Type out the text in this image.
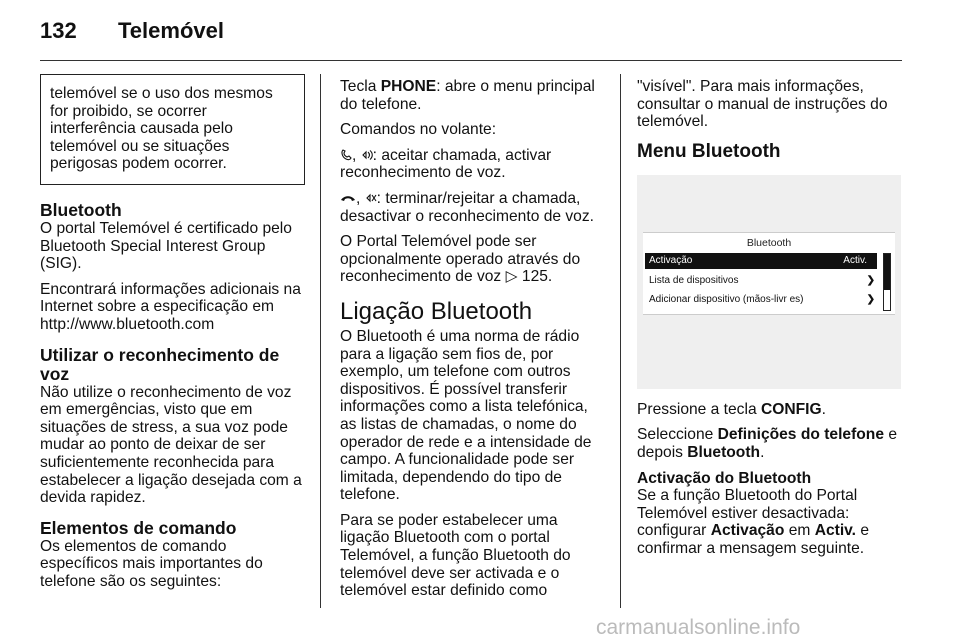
132 Telemóvel
telemóvel se o uso dos mesmos for proibido, se ocorrer interferência causada pelo telemóvel ou se situações perigosas podem ocorrer.
Bluetooth

O portal Telemóvel é certificado pelo Bluetooth Special Interest Group (SIG).

Encontrará informações adicionais na Internet sobre a especificação em http://www.bluetooth.com

Utilizar o reconhecimento de voz

Não utilize o reconhecimento de voz em emergências, visto que em situações de stress, a sua voz pode mudar ao ponto de deixar de ser suficientemente reconhecida para estabelecer a ligação desejada com a devida rapidez.

Elementos de comando

Os elementos de comando específicos mais importantes do telefone são os seguintes:

Tecla PHONE: abre o menu principal do telefone.

Comandos no volante:

, : aceitar chamada, activar reconhecimento de voz.

, : terminar/rejeitar a chamada, desactivar o reconhecimento de voz.

O Portal Telemóvel pode ser opcionalmente operado através do reconhecimento de voz ▷ 125.

Ligação Bluetooth

O Bluetooth é uma norma de rádio para a ligação sem fios de, por exemplo, um telefone com outros dispositivos. É possível transferir informações como a lista telefónica, as listas de chamadas, o nome do operador de rede e a intensidade de campo. A funcionalidade pode ser limitada, dependendo do tipo de telefone.

Para se poder estabelecer uma ligação Bluetooth com o portal Telemóvel, a função Bluetooth do telemóvel deve ser activada e o telemóvel estar definido como

"visível". Para mais informações, consultar o manual de instruções do telemóvel.

Menu Bluetooth
Bluetooth
Activação	Activ.
Lista de dispositivos	❯
Adicionar dispositivo (mãos-livr es)	❯

Pressione a tecla CONFIG.

Seleccione Definições do telefone e depois Bluetooth.

Activação do Bluetooth

Se a função Bluetooth do Portal Telemóvel estiver desactivada: configurar Activação em Activ. e confirmar a mensagem seguinte.

carmanualsonline.info
